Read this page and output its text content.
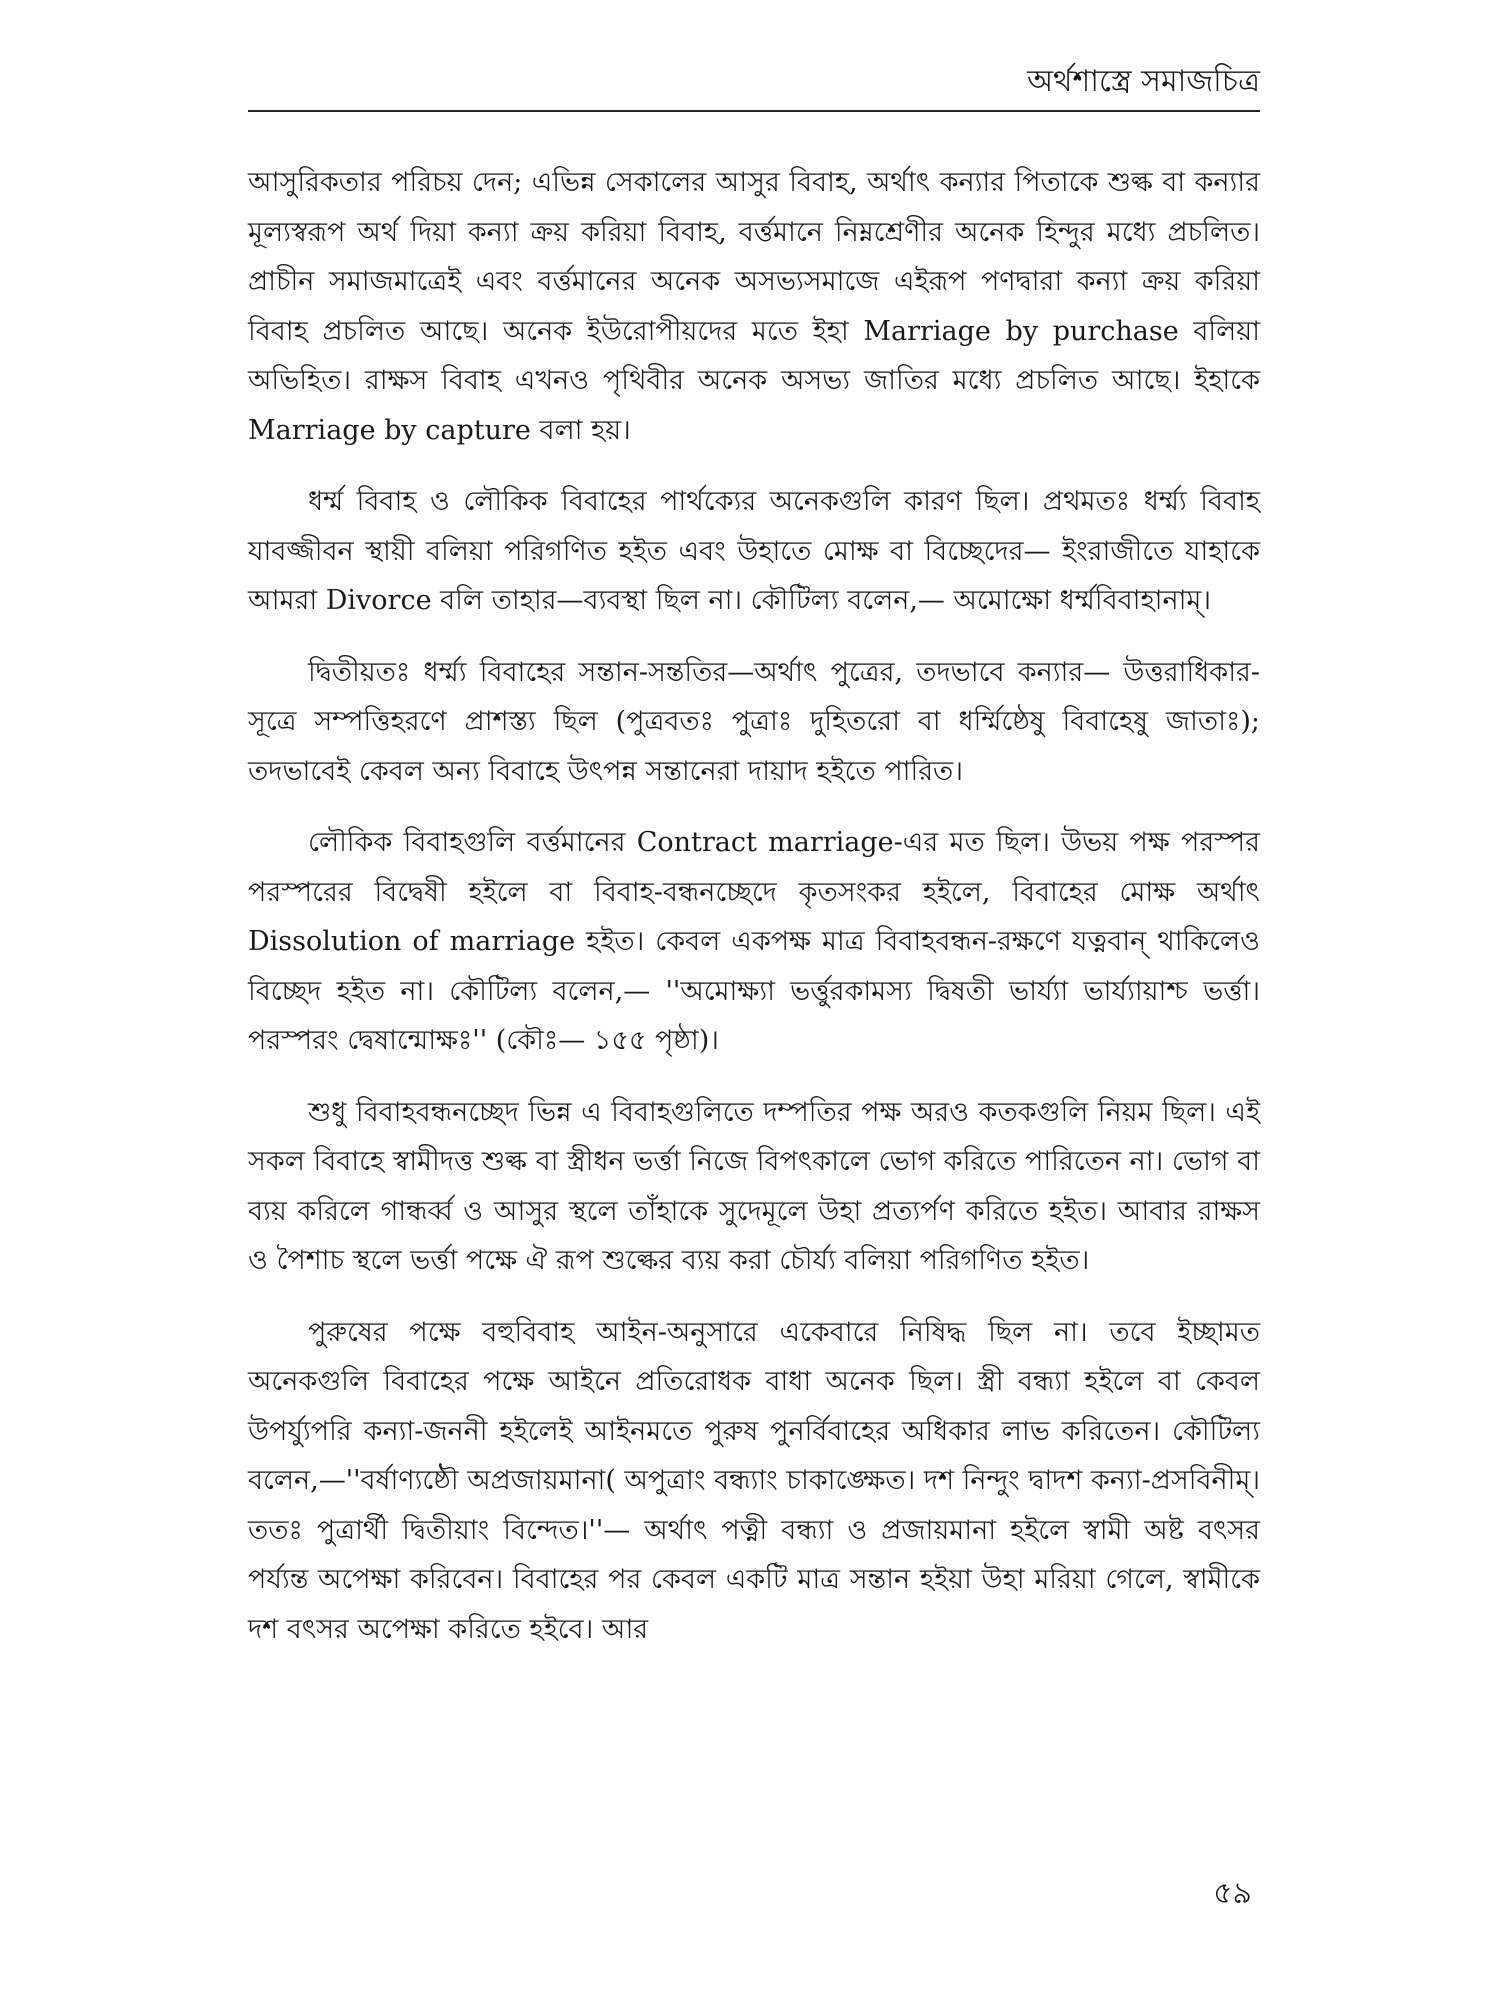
অর্থশাস্ত্রে সমাজচিত্র

আসুরিকতার পরিচয় দেন; এভিন্ন সেকালের আসুর বিবাহ, অর্থাৎ কন্যার পিতাকে শুল্ক বা কন্যার মূল্যস্বরূপ অর্থ দিয়া কন্যা ক্রয় করিয়া বিবাহ, বর্ত্তমানে নিম্নশ্রেণীর অনেক হিন্দুর মধ্যে প্রচলিত। প্রাচীন সমাজমাত্রেই এবং বর্ত্তমানের অনেক অসভ্যসমাজে এইরূপ পণদ্বারা কন্যা ক্রয় করিয়া বিবাহ প্রচলিত আছে। অনেক ইউরোপীয়দের মতে ইহা Marriage by purchase বলিয়া অভিহিত। রাক্ষস বিবাহ এখনও পৃথিবীর অনেক অসভ্য জাতির মধ্যে প্রচলিত আছে। ইহাকে Marriage by capture বলা হয়।

ধর্ম্ম বিবাহ ও লৌকিক বিবাহের পার্থক্যের অনেকগুলি কারণ ছিল। প্রথমতঃ ধর্ম্ম্য বিবাহ যাবজ্জীবন স্থায়ী বলিয়া পরিগণিত হইত এবং উহাতে মোক্ষ বা বিচ্ছেদের— ইংরাজীতে যাহাকে আমরা Divorce বলি তাহার—ব্যবস্থা ছিল না। কৌটিল্য বলেন,— অমোক্ষো ধর্ম্মবিবাহানাম্।

দ্বিতীয়তঃ ধর্ম্ম্য বিবাহের সন্তান-সন্ততির—অর্থাৎ পুত্রের, তদভাবে কন্যার— উত্তরাধিকার-সূত্রে সম্পত্তিহরণে প্রাশস্ত্য ছিল (পুত্রবতঃ পুত্রাঃ দুহিতরো বা ধর্ম্মিষ্ঠেষু বিবাহেষু জাতাঃ); তদভাবেই কেবল অন্য বিবাহে উৎপন্ন সন্তানেরা দায়াদ হইতে পারিত।

লৌকিক বিবাহগুলি বর্ত্তমানের Contract marriage-এর মত ছিল। উভয় পক্ষ পরস্পর পরস্পরের বিদ্বেষী হইলে বা বিবাহ-বন্ধনচ্ছেদে কৃতসংকর হইলে, বিবাহের মোক্ষ অর্থাৎ Dissolution of marriage হইত। কেবল একপক্ষ মাত্র বিবাহবন্ধন-রক্ষণে যত্নবান্ থাকিলেও বিচ্ছেদ হইত না। কৌটিল্য বলেন,— ''অমোক্ষ্যা ভর্ত্তুরকামস্য দ্বিষতী ভার্য্যা ভার্য্যায়াশ্চ ভর্ত্তা। পরস্পরং দ্বেষান্মোক্ষঃ'' (কৌঃ— ১৫৫ পৃষ্ঠা)।

শুধু বিবাহবন্ধনচ্ছেদ ভিন্ন এ বিবাহগুলিতে দম্পতির পক্ষ অরও কতকগুলি নিয়ম ছিল। এই সকল বিবাহে স্বামীদত্ত শুল্ক বা স্ত্রীধন ভর্ত্তা নিজে বিপৎকালে ভোগ করিতে পারিতেন না। ভোগ বা ব্যয় করিলে গান্ধর্ব্ব ও আসুর স্থলে তাঁহাকে সুদেমূলে উহা প্রত্যর্পণ করিতে হইত। আবার রাক্ষস ও পৈশাচ স্থলে ভর্ত্তা পক্ষে ঐ রূপ শুল্কের ব্যয় করা চৌর্য্য বলিয়া পরিগণিত হইত।

পুরুষের পক্ষে বহুবিবাহ আইন-অনুসারে একেবারে নিষিদ্ধ ছিল না। তবে ইচ্ছামত অনেকগুলি বিবাহের পক্ষে আইনে প্রতিরোধক বাধা অনেক ছিল। স্ত্রী বন্ধ্যা হইলে বা কেবল উপর্য্যুপরি কন্যা-জননী হইলেই আইনমতে পুরুষ পুনর্বিবাহের অধিকার লাভ করিতেন। কৌটিল্য বলেন,—''বর্ষাণ্যষ্ঠৌ অপ্রজায়মানা( অপুত্রাং বন্ধ্যাং চাকাঙ্ক্ষেত। দশ নিন্দুং দ্বাদশ কন্যা-প্রসবিনীম্। ততঃ পুত্রার্থী দ্বিতীয়াং বিন্দেত।''— অর্থাৎ পত্নী বন্ধ্যা ও প্রজায়মানা হইলে স্বামী অষ্ট বৎসর পর্য্যন্ত অপেক্ষা করিবেন। বিবাহের পর কেবল একটি মাত্র সন্তান হইয়া উহা মরিয়া গেলে, স্বামীকে দশ বৎসর অপেক্ষা করিতে হইবে। আর

৫৯
